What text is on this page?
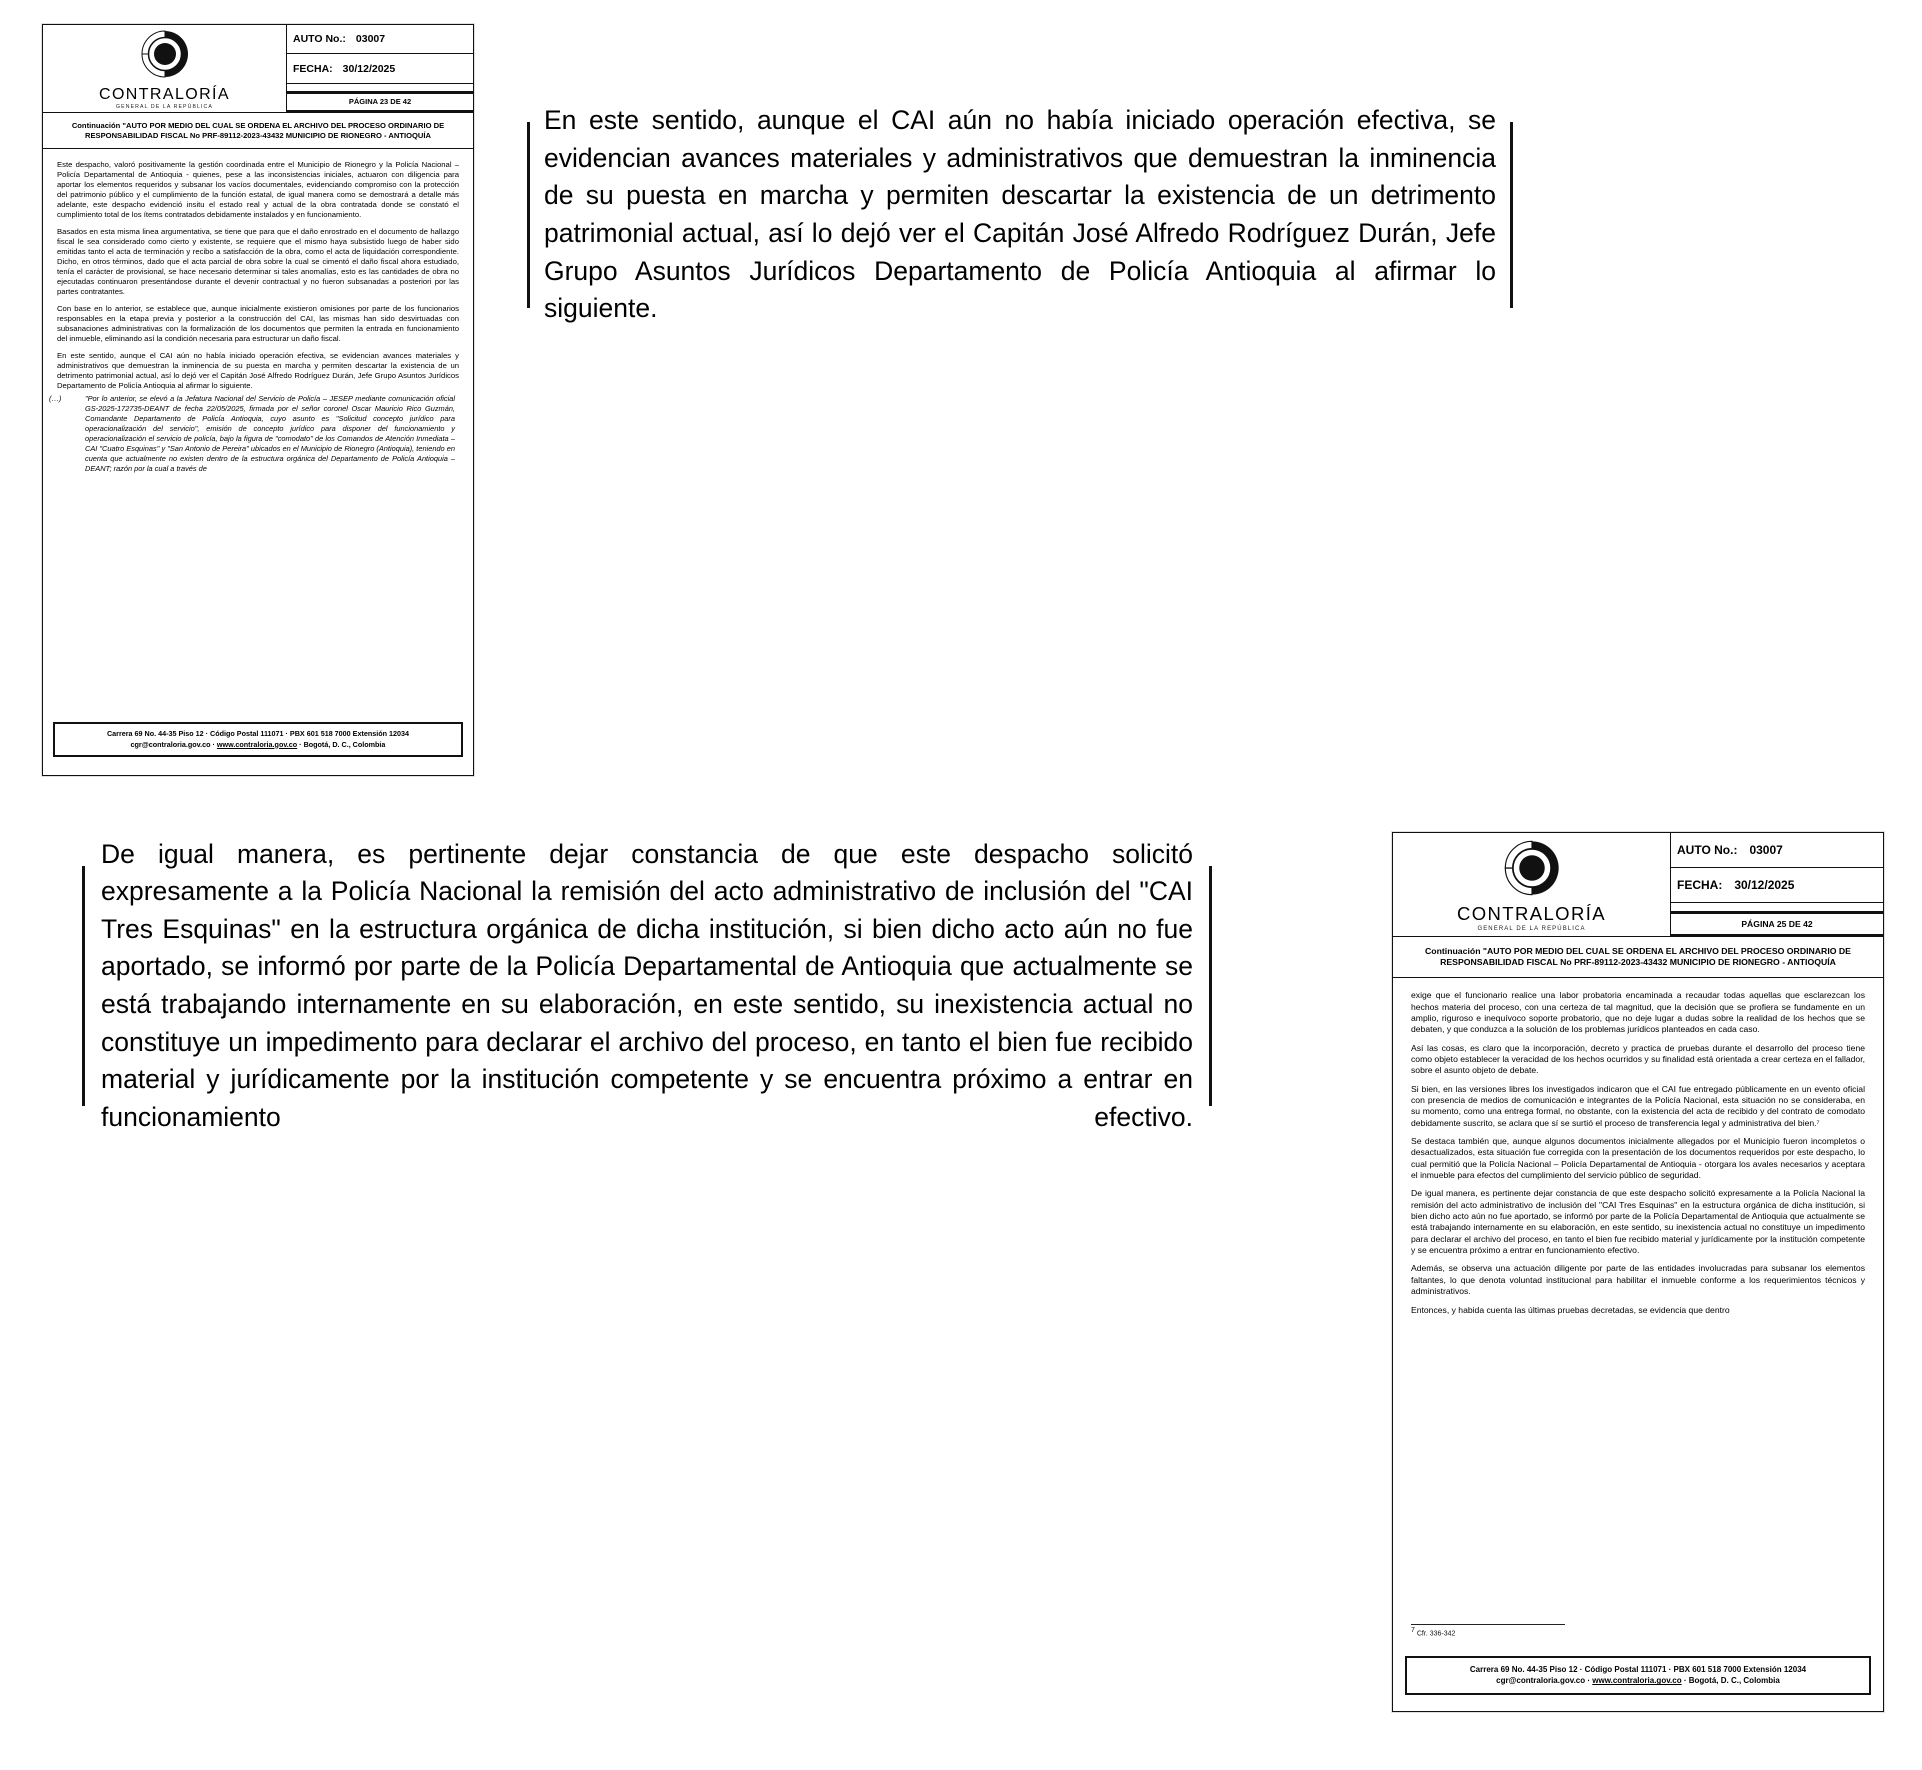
CONTRALORÍA
GENERAL DE LA REPÚBLICA
AUTO No.: 03007
FECHA: 30/12/2025
PÁGINA 23 DE 42
Continuación "AUTO POR MEDIO DEL CUAL SE ORDENA EL ARCHIVO DEL PROCESO ORDINARIO DE RESPONSABILIDAD FISCAL No PRF-89112-2023-43432 MUNICIPIO DE RIONEGRO - ANTIOQUÍA

Este despacho, valoró positivamente la gestión coordinada entre el Municipio de Rionegro y la Policía Nacional – Policía Departamental de Antioquia - quienes, pese a las inconsistencias iniciales, actuaron con diligencia para aportar los elementos requeridos y subsanar los vacíos documentales, evidenciando compromiso con la protección del patrimonio público y el cumplimiento de la función estatal, de igual manera como se demostrará a detalle más adelante, este despacho evidenció insitu el estado real y actual de la obra contratada donde se constató el cumplimiento total de los ítems contratados debidamente instalados y en funcionamiento.

Basados en esta misma linea argumentativa, se tiene que para que el daño enrostrado en el documento de hallazgo fiscal le sea considerado como cierto y existente, se requiere que el mismo haya subsistido luego de haber sido emitidas tanto el acta de terminación y recibo a satisfacción de la obra, como el acta de liquidación correspondiente. Dicho, en otros términos, dado que el acta parcial de obra sobre la cual se cimentó el daño fiscal ahora estudiado, tenía el carácter de provisional, se hace necesario determinar si tales anomalías, esto es las cantidades de obra no ejecutadas continuaron presentándose durante el devenir contractual y no fueron subsanadas a posteriori por las partes contratantes.

Con base en lo anterior, se establece que, aunque inicialmente existieron omisiones por parte de los funcionarios responsables en la etapa previa y posterior a la construcción del CAI, las mismas han sido desvirtuadas con subsanaciones administrativas con la formalización de los documentos que permiten la entrada en funcionamiento del inmueble, eliminando así la condición necesaria para estructurar un daño fiscal.

En este sentido, aunque el CAI aún no había iniciado operación efectiva, se evidencian avances materiales y administrativos que demuestran la inminencia de su puesta en marcha y permiten descartar la existencia de un detrimento patrimonial actual, así lo dejó ver el Capitán José Alfredo Rodríguez Durán, Jefe Grupo Asuntos Jurídicos Departamento de Policía Antioquia al afirmar lo siguiente.

(…)	"Por lo anterior, se elevó a la Jefatura Nacional del Servicio de Policía – JESEP mediante comunicación oficial GS-2025-172735-DEANT de fecha 22/05/2025, firmada por el señor coronel Oscar Mauricio Rico Guzmán, Comandante Departamento de Policía Antioquia, cuyo asunto es "Solicitud concepto jurídico para operacionalización del servicio", emisión de concepto jurídico para disponer del funcionamiento y operacionalización el servicio de policía, bajo la figura de "comodato" de los Comandos de Atención Inmediata – CAI "Cuatro Esquinas" y "San Antonio de Pereira" ubicados en el Municipio de Rionegro (Antioquia), teniendo en cuenta que actualmente no existen dentro de la estructura orgánica del Departamento de Policía Antioquia – DEANT; razón por la cual a través de
Carrera 69 No. 44-35 Piso 12 · Código Postal 111071 · PBX 601 518 7000 Extensión 12034
cgr@contraloria.gov.co · www.contraloria.gov.co · Bogotá, D. C., Colombia
CONTRALORÍA
GENERAL DE LA REPÚBLICA
AUTO No.: 03007
FECHA: 30/12/2025
PÁGINA 25 DE 42
Continuación "AUTO POR MEDIO DEL CUAL SE ORDENA EL ARCHIVO DEL PROCESO ORDINARIO DE RESPONSABILIDAD FISCAL No PRF-89112-2023-43432 MUNICIPIO DE RIONEGRO - ANTIOQUÍA

exige que el funcionario realice una labor probatoria encaminada a recaudar todas aquellas que esclarezcan los hechos materia del proceso, con una certeza de tal magnitud, que la decisión que se profiera se fundamente en un amplio, riguroso e inequívoco soporte probatorio, que no deje lugar a dudas sobre la realidad de los hechos que se debaten, y que conduzca a la solución de los problemas jurídicos planteados en cada caso.

Así las cosas, es claro que la incorporación, decreto y practica de pruebas durante el desarrollo del proceso tiene como objeto establecer la veracidad de los hechos ocurridos y su finalidad está orientada a crear certeza en el fallador, sobre el asunto objeto de debate.

Si bien, en las versiones libres los investigados indicaron que el CAI fue entregado públicamente en un evento oficial con presencia de medios de comunicación e integrantes de la Policía Nacional, esta situación no se consideraba, en su momento, como una entrega formal, no obstante, con la existencia del acta de recibido y del contrato de comodato debidamente suscrito, se aclara que sí se surtió el proceso de transferencia legal y administrativa del bien.⁷

Se destaca también que, aunque algunos documentos inicialmente allegados por el Municipio fueron incompletos o desactualizados, esta situación fue corregida con la presentación de los documentos requeridos por este despacho, lo cual permitió que la Policía Nacional – Policía Departamental de Antioquia - otorgara los avales necesarios y aceptara el inmueble para efectos del cumplimiento del servicio público de seguridad.

De igual manera, es pertinente dejar constancia de que este despacho solicitó expresamente a la Policía Nacional la remisión del acto administrativo de inclusión del "CAI Tres Esquinas" en la estructura orgánica de dicha institución, si bien dicho acto aún no fue aportado, se informó por parte de la Policía Departamental de Antioquia que actualmente se está trabajando internamente en su elaboración, en este sentido, su inexistencia actual no constituye un impedimento para declarar el archivo del proceso, en tanto el bien fue recibido material y jurídicamente por la institución competente y se encuentra próximo a entrar en funcionamiento efectivo.

Además, se observa una actuación diligente por parte de las entidades involucradas para subsanar los elementos faltantes, lo que denota voluntad institucional para habilitar el inmueble conforme a los requerimientos técnicos y administrativos.

Entonces, y habida cuenta las últimas pruebas decretadas, se evidencia que dentro

$^7$ Cfr. 336-342
Carrera 69 No. 44-35 Piso 12 · Código Postal 111071 · PBX 601 518 7000 Extensión 12034
cgr@contraloria.gov.co · www.contraloria.gov.co · Bogotá, D. C., Colombia

En este sentido, aunque el CAI aún no había iniciado operación efectiva, se evidencian avances materiales y administrativos que demuestran la inminencia de su puesta en marcha y permiten descartar la existencia de un detrimento patrimonial actual, así lo dejó ver el Capitán José Alfredo Rodríguez Durán, Jefe Grupo Asuntos Jurídicos Departamento de Policía Antioquia al afirmar lo siguiente.

De igual manera, es pertinente dejar constancia de que este despacho solicitó expresamente a la Policía Nacional la remisión del acto administrativo de inclusión del "CAI Tres Esquinas" en la estructura orgánica de dicha institución, si bien dicho acto aún no fue aportado, se informó por parte de la Policía Departamental de Antioquia que actualmente se está trabajando internamente en su elaboración, en este sentido, su inexistencia actual no constituye un impedimento para declarar el archivo del proceso, en tanto el bien fue recibido material y jurídicamente por la institución competente y se encuentra próximo a entrar en funcionamiento efectivo.
